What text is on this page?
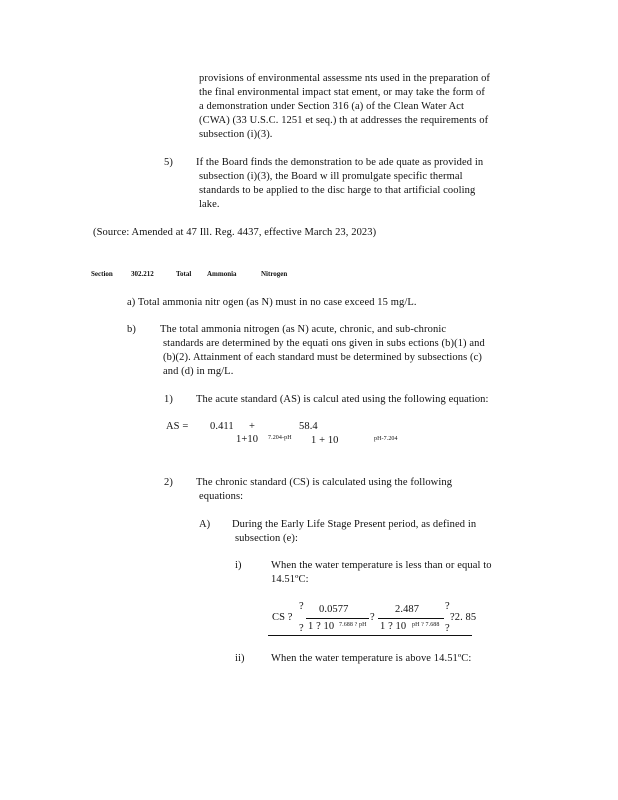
provisions of environmental assessme nts used in the preparation of
the final environmental impact stat ement, or may take the form of
a demonstration under Section 316 (a) of the Clean Water Act
(CWA) (33 U.S.C. 1251 et seq.) th at addresses the requirements of
subsection (i)(3).
5) If the Board finds the demonstration to be ade quate as provided in
subsection (i)(3), the Board w ill promulgate specific thermal
standards to be applied to the disc harge to that artificial cooling
lake.
(Source: Amended at 47 Ill. Reg. 4437, effective March 23, 2023)
Section	302.212	Total Ammonia	Nitrogen
a) Total ammonia nitr ogen (as N) must in no case exceed 15 mg/L.
b) The total ammonia nitrogen (as N) acute, chronic, and sub-chronic
standards are determined by the equati ons given in subs ections (b)(1) and
(b)(2). Attainment of each standard must be determined by subsections (c)
and (d) in mg/L.
1) The acute standard (AS) is calcul ated using the following equation:
AS = 0.411 +	58.4
1+10 7.204-pH 1 + 10	pH-7.204
2) The chronic standard (CS) is calculated using the following
equations:
A) During the Early Life Stage Present period, as defined in
subsection (e):
i)	When the water temperature is less than or equal to
14.51ºC:
CS ?
?
?
0.0577
1 ? 10 7.688 ? pH
?
2.487
1 ? 10 pH ? 7.688
?
?
?2. 85
ii)	When the water temperature is above 14.51ºC:
